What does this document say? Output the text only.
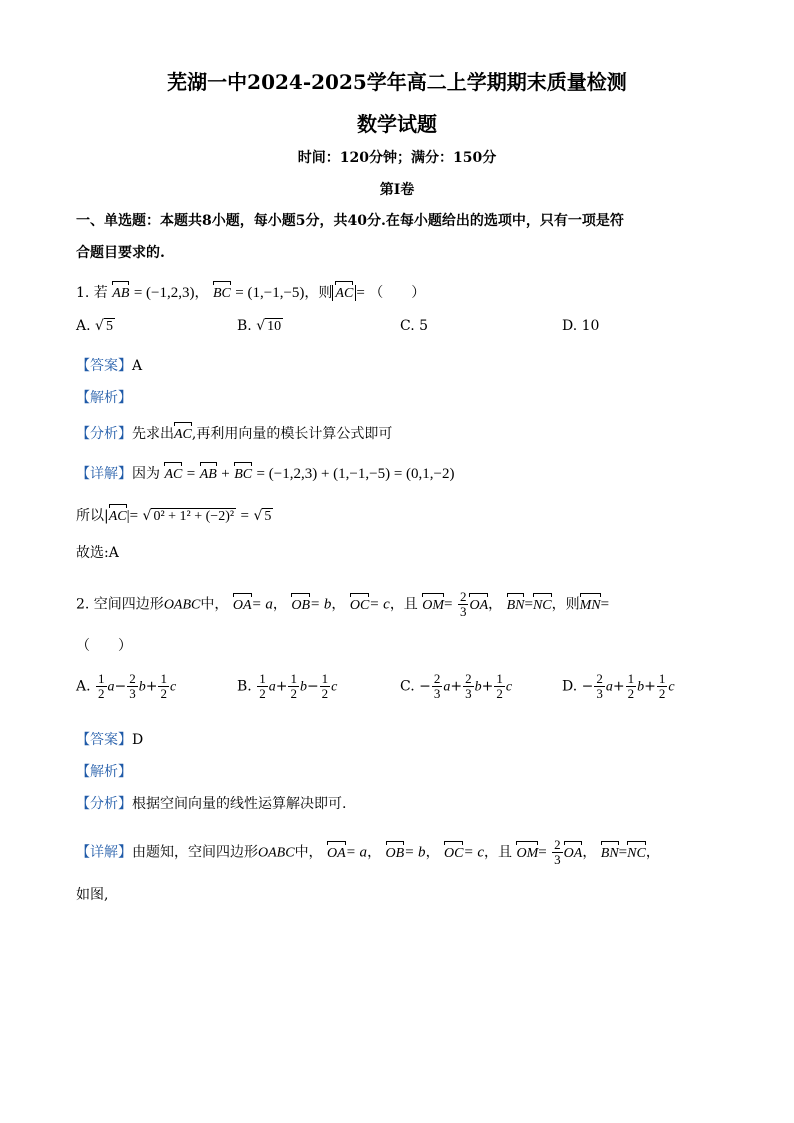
芜湖一中2024-2025学年高二上学期期末质量检测
数学试题
时间：120分钟；满分：150分
第I卷
一、单选题：本题共8小题，每小题5分，共40分.在每小题给出的选项中，只有一项是符
合题目要求的.
1. 若 AB = (−1,2,3)， BC = (1,−1,−5)，则 AC = （　　）
A. √ 5	B. √ 10	C. 5	D. 10
【答案】A
【解析】
【分析】先求出AC,再利用向量的模长计算公式即可
【详解】因为 AC = AB + BC = (−1,2,3) + (1,−1,−5) = (0,1,−2)
所以|AC|= √ 0² + 1² + (−2)² = √ 5
故选:A
2. 空间四边形OABC中， OA= a， OB= b， OC= c，且 $OM= \frac{2}{3}$ OA， BN=NC，则MN=
（　　）
A. $\frac{1}{2} a- \frac{2}{3} b+ \frac{1}{2}$ c	B. $\frac{1}{2} a+ \frac{1}{2} b- \frac{1}{2}$ c	C. − $\frac{2}{3} a+ \frac{2}{3} b+ \frac{1}{2}$ c	D. − $\frac{2}{3} a+ \frac{1}{2} b+ \frac{1}{2}$ c
【答案】D
【解析】
【分析】根据空间向量的线性运算解决即可.
【详解】由题知，空间四边形OABC中， OA= a， OB= b， OC= c，且 $OM= \frac{2}{3}$ OA， BN=NC，
如图,
